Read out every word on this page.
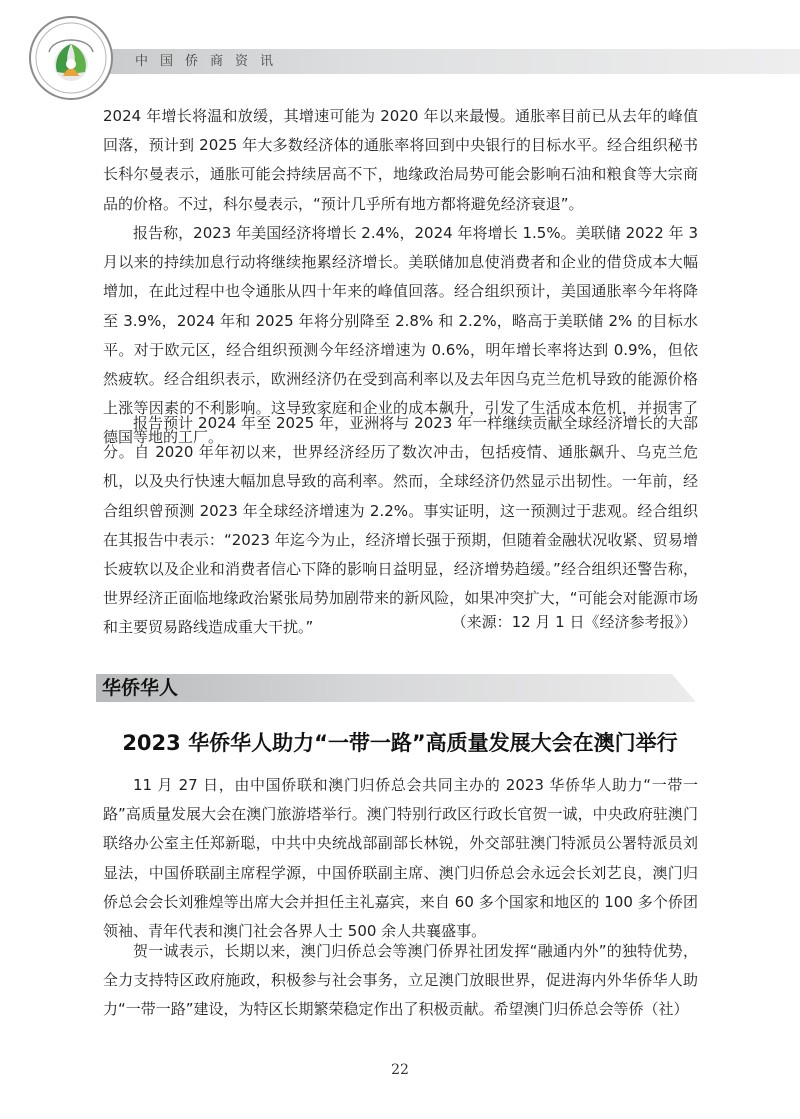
中国侨商资讯

2024 年增长将温和放缓，其增速可能为 2020 年以来最慢。通胀率目前已从去年的峰值回落，预计到 2025 年大多数经济体的通胀率将回到中央银行的目标水平。经合组织秘书长科尔曼表示，通胀可能会持续居高不下，地缘政治局势可能会影响石油和粮食等大宗商品的价格。不过，科尔曼表示，“预计几乎所有地方都将避免经济衰退”。

报告称，2023 年美国经济将增长 2.4%，2024 年将增长 1.5%。美联储 2022 年 3 月以来的持续加息行动将继续拖累经济增长。美联储加息使消费者和企业的借贷成本大幅增加，在此过程中也令通胀从四十年来的峰值回落。经合组织预计，美国通胀率今年将降至 3.9%，2024 年和 2025 年将分别降至 2.8% 和 2.2%，略高于美联储 2% 的目标水平。对于欧元区，经合组织预测今年经济增速为 0.6%，明年增长率将达到 0.9%，但依然疲软。经合组织表示，欧洲经济仍在受到高利率以及去年因乌克兰危机导致的能源价格上涨等因素的不利影响。这导致家庭和企业的成本飙升，引发了生活成本危机，并损害了德国等地的工厂。

报告预计 2024 年至 2025 年，亚洲将与 2023 年一样继续贡献全球经济增长的大部分。自 2020 年年初以来，世界经济经历了数次冲击，包括疫情、通胀飙升、乌克兰危机，以及央行快速大幅加息导致的高利率。然而，全球经济仍然显示出韧性。一年前，经合组织曾预测 2023 年全球经济增速为 2.2%。事实证明，这一预测过于悲观。经合组织在其报告中表示：“2023 年迄今为止，经济增长强于预期，但随着金融状况收紧、贸易增长疲软以及企业和消费者信心下降的影响日益明显，经济增势趋缓。”经合组织还警告称，世界经济正面临地缘政治紧张局势加剧带来的新风险，如果冲突扩大，“可能会对能源市场和主要贸易路线造成重大干扰。”	（来源：12 月 1 日《经济参考报》）
华侨华人
2023 华侨华人助力“一带一路”高质量发展大会在澳门举行

11 月 27 日，由中国侨联和澳门归侨总会共同主办的 2023 华侨华人助力“一带一路”高质量发展大会在澳门旅游塔举行。澳门特别行政区行政长官贺一诚，中央政府驻澳门联络办公室主任郑新聪，中共中央统战部副部长林锐，外交部驻澳门特派员公署特派员刘显法，中国侨联副主席程学源，中国侨联副主席、澳门归侨总会永远会长刘艺良，澳门归侨总会会长刘雅煌等出席大会并担任主礼嘉宾，来自 60 多个国家和地区的 100 多个侨团领袖、青年代表和澳门社会各界人士 500 余人共襄盛事。

贺一诚表示，长期以来，澳门归侨总会等澳门侨界社团发挥“融通内外”的独特优势，全力支持特区政府施政，积极参与社会事务，立足澳门放眼世界，促进海内外华侨华人助力“一带一路”建设，为特区长期繁荣稳定作出了积极贡献。希望澳门归侨总会等侨（社）

22
